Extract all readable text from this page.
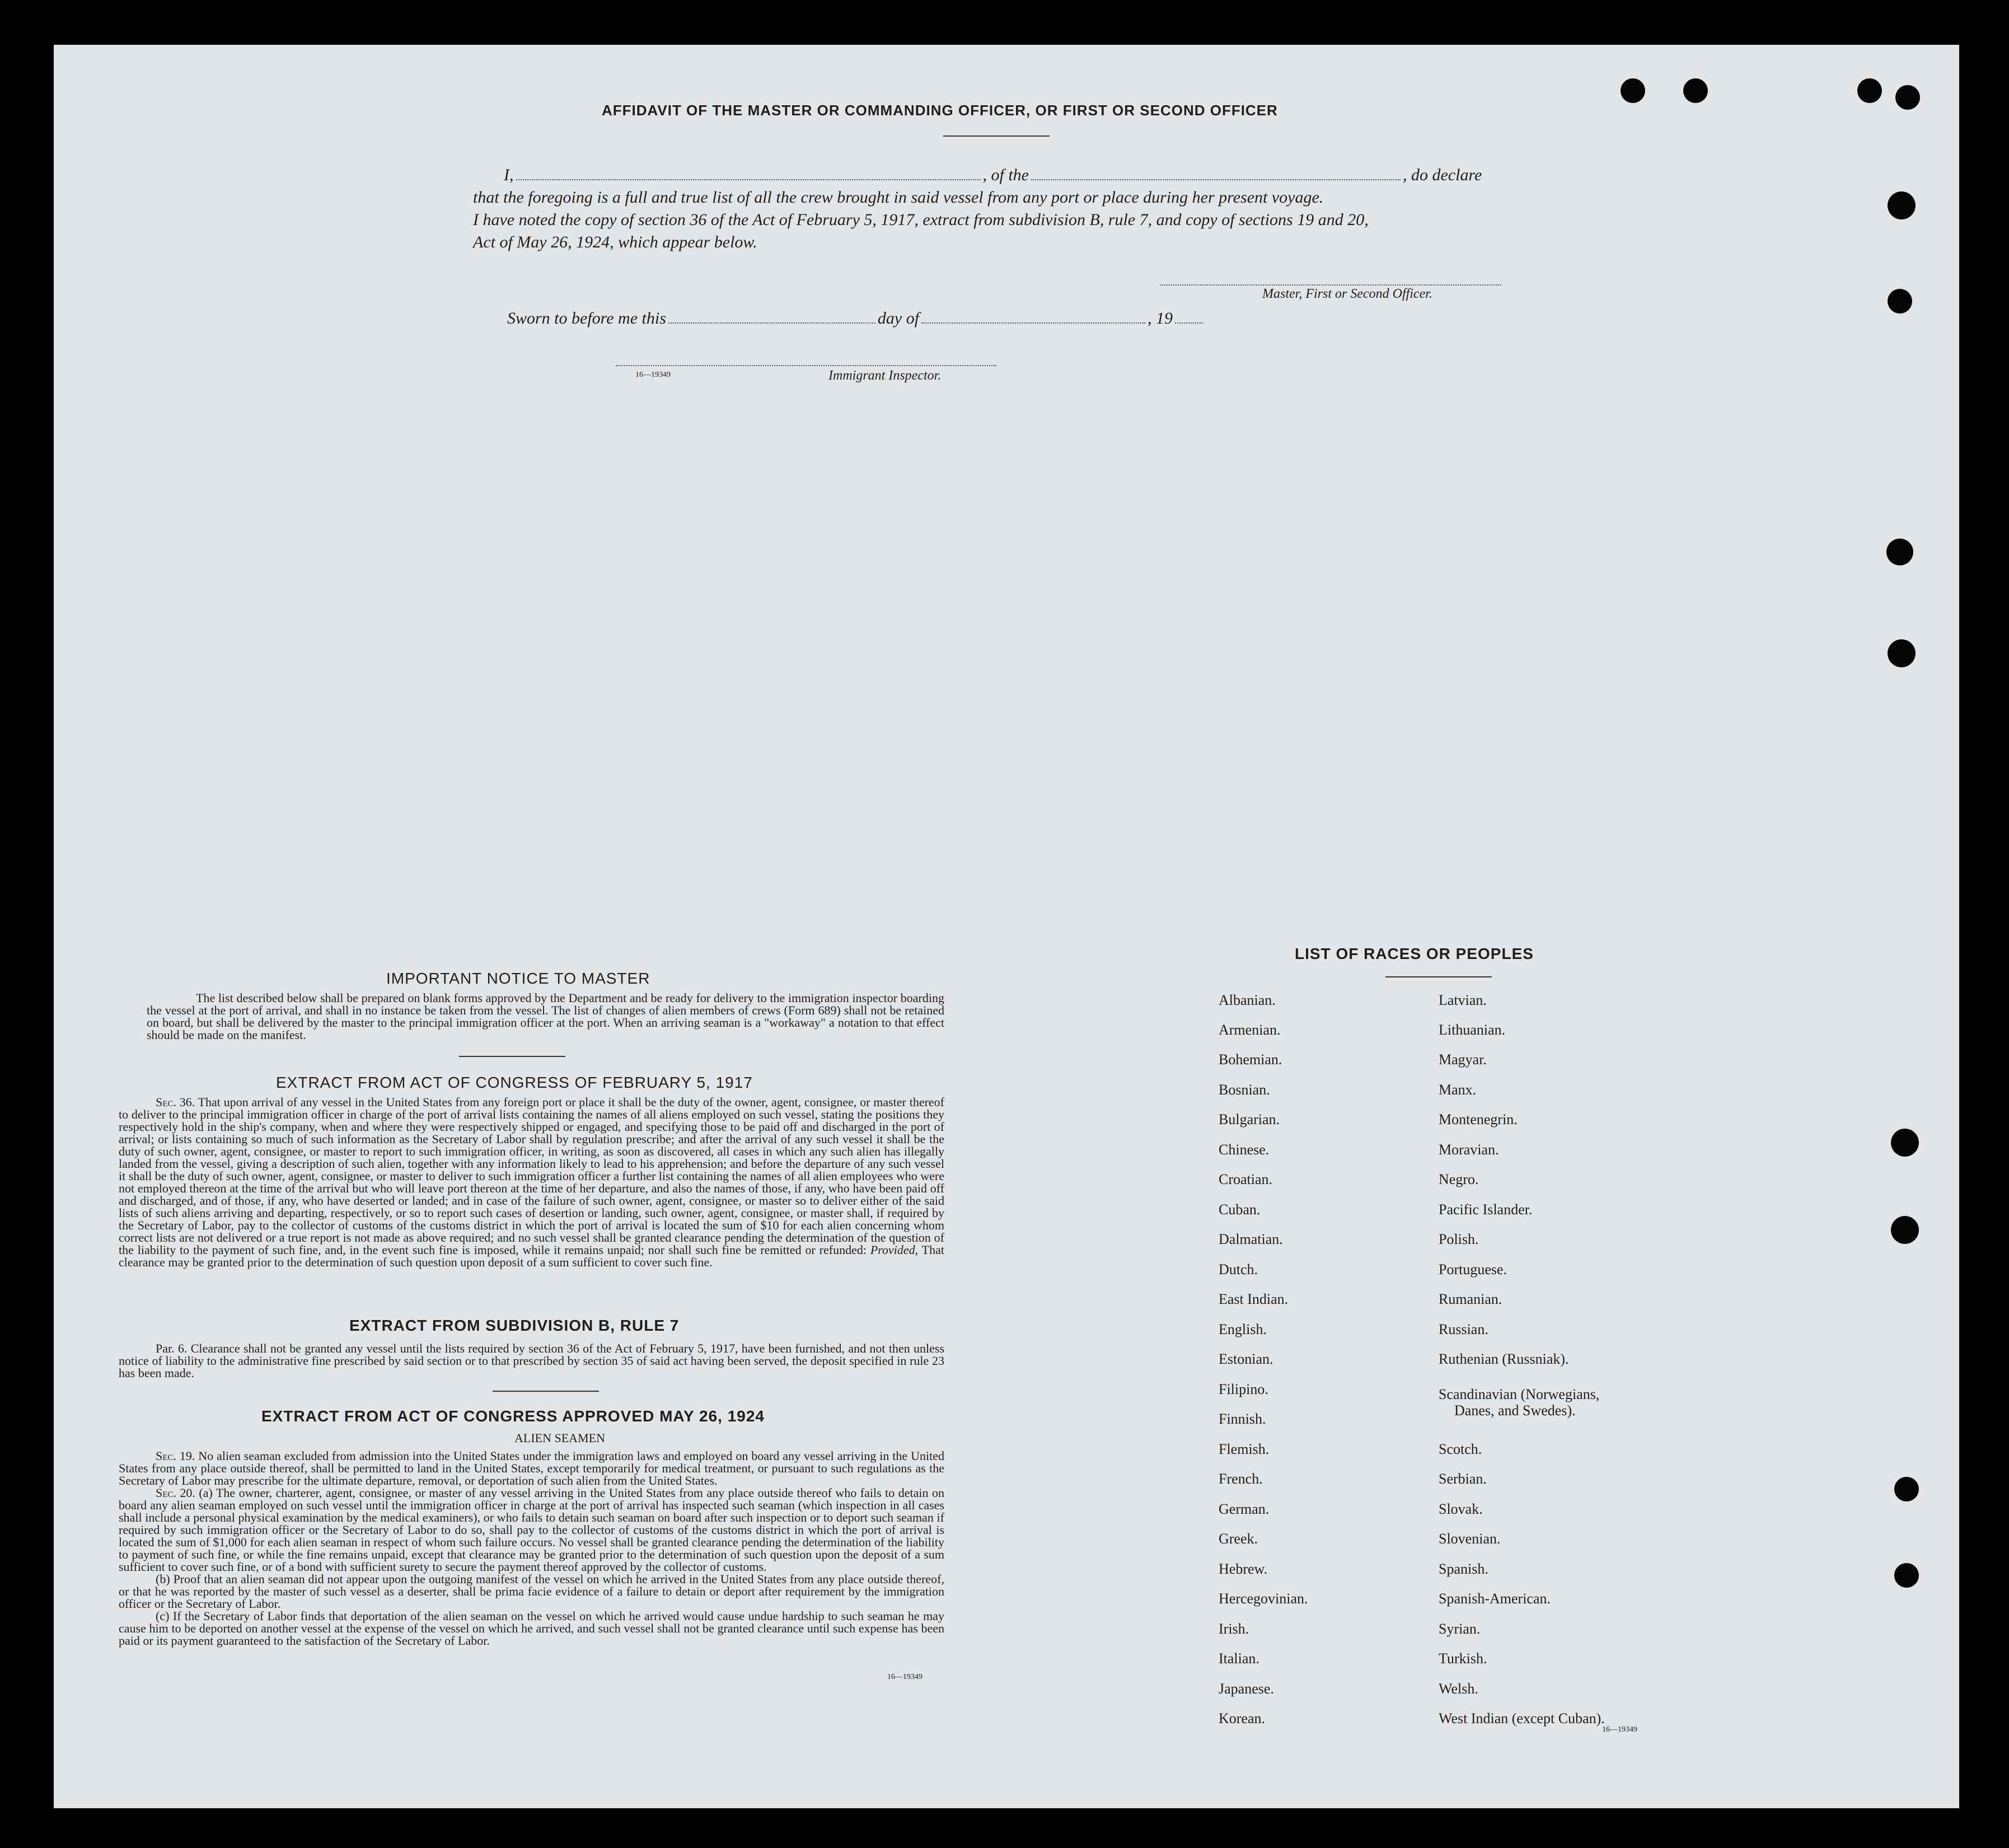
AFFIDAVIT OF THE MASTER OR COMMANDING OFFICER, OR FIRST OR SECOND OFFICER
I,	, of the	, do declare
that the foregoing is a full and true list of all the crew brought in said vessel from any port or place during her present voyage.
I have noted the copy of section 36 of the Act of February 5, 1917, extract from subdivision B, rule 7, and copy of sections 19 and 20,
Act of May 26, 1924, which appear below.
Master, First or Second Officer.
Sworn to before me this	day of	, 19
16—19349	Immigrant Inspector.
IMPORTANT NOTICE TO MASTER
The list described below shall be prepared on blank forms approved by the Department and be ready for delivery to the immigration inspector boarding the vessel at the port of arrival, and shall in no instance be taken from the vessel. The list of changes of alien members of crews (Form 689) shall not be retained on board, but shall be delivered by the master to the principal immigration officer at the port. When an arriving seaman is a "workaway" a notation to that effect should be made on the manifest.
EXTRACT FROM ACT OF CONGRESS OF FEBRUARY 5, 1917
Sec. 36. That upon arrival of any vessel in the United States from any foreign port or place it shall be the duty of the owner, agent, consignee, or master thereof to deliver to the principal immigration officer in charge of the port of arrival lists containing the names of all aliens employed on such vessel, stating the positions they respectively hold in the ship's company, when and where they were respectively shipped or engaged, and specifying those to be paid off and discharged in the port of arrival; or lists containing so much of such information as the Secretary of Labor shall by regulation prescribe; and after the arrival of any such vessel it shall be the duty of such owner, agent, consignee, or master to report to such immigration officer, in writing, as soon as discovered, all cases in which any such alien has illegally landed from the vessel, giving a description of such alien, together with any information likely to lead to his apprehension; and before the departure of any such vessel it shall be the duty of such owner, agent, consignee, or master to deliver to such immigration officer a further list containing the names of all alien employees who were not employed thereon at the time of the arrival but who will leave port thereon at the time of her departure, and also the names of those, if any, who have been paid off and discharged, and of those, if any, who have deserted or landed; and in case of the failure of such owner, agent, consignee, or master so to deliver either of the said lists of such aliens arriving and departing, respectively, or so to report such cases of desertion or landing, such owner, agent, consignee, or master shall, if required by the Secretary of Labor, pay to the collector of customs of the customs district in which the port of arrival is located the sum of $10 for each alien concerning whom correct lists are not delivered or a true report is not made as above required; and no such vessel shall be granted clearance pending the determination of the question of the liability to the payment of such fine, and, in the event such fine is imposed, while it remains unpaid; nor shall such fine be remitted or refunded: Provided, That clearance may be granted prior to the determination of such question upon deposit of a sum sufficient to cover such fine.
EXTRACT FROM SUBDIVISION B, RULE 7
Par. 6. Clearance shall not be granted any vessel until the lists required by section 36 of the Act of February 5, 1917, have been furnished, and not then unless notice of liability to the administrative fine prescribed by said section or to that prescribed by section 35 of said act having been served, the deposit specified in rule 23 has been made.
EXTRACT FROM ACT OF CONGRESS APPROVED MAY 26, 1924
ALIEN SEAMEN

Sec. 19. No alien seaman excluded from admission into the United States under the immigration laws and employed on board any vessel arriving in the United States from any place outside thereof, shall be permitted to land in the United States, except temporarily for medical treatment, or pursuant to such regulations as the Secretary of Labor may prescribe for the ultimate departure, removal, or deportation of such alien from the United States.

Sec. 20. (a) The owner, charterer, agent, consignee, or master of any vessel arriving in the United States from any place outside thereof who fails to detain on board any alien seaman employed on such vessel until the immigration officer in charge at the port of arrival has inspected such seaman (which inspection in all cases shall include a personal physical examination by the medical examiners), or who fails to detain such seaman on board after such inspection or to deport such seaman if required by such immigration officer or the Secretary of Labor to do so, shall pay to the collector of customs of the customs district in which the port of arrival is located the sum of $1,000 for each alien seaman in respect of whom such failure occurs. No vessel shall be granted clearance pending the determination of the liability to payment of such fine, or while the fine remains unpaid, except that clearance may be granted prior to the determination of such question upon the deposit of a sum sufficient to cover such fine, or of a bond with sufficient surety to secure the payment thereof approved by the collector of customs.

(b) Proof that an alien seaman did not appear upon the outgoing manifest of the vessel on which he arrived in the United States from any place outside thereof, or that he was reported by the master of such vessel as a deserter, shall be prima facie evidence of a failure to detain or deport after requirement by the immigration officer or the Secretary of Labor.

(c) If the Secretary of Labor finds that deportation of the alien seaman on the vessel on which he arrived would cause undue hardship to such seaman he may cause him to be deported on another vessel at the expense of the vessel on which he arrived, and such vessel shall not be granted clearance until such expense has been paid or its payment guaranteed to the satisfaction of the Secretary of Labor.

16—19349
LIST OF RACES OR PEOPLES
Albanian.
Armenian.
Bohemian.
Bosnian.
Bulgarian.
Chinese.
Croatian.
Cuban.
Dalmatian.
Dutch.
East Indian.
English.
Estonian.
Filipino.
Finnish.
Flemish.
French.
German.
Greek.
Hebrew.
Hercegovinian.
Irish.
Italian.
Japanese.
Korean.
Latvian.
Lithuanian.
Magyar.
Manx.
Montenegrin.
Moravian.
Negro.
Pacific Islander.
Polish.
Portuguese.
Rumanian.
Russian.
Ruthenian (Russniak).
Scandinavian (Norwegians,
Danes, and Swedes).
Scotch.
Serbian.
Slovak.
Slovenian.
Spanish.
Spanish-American.
Syrian.
Turkish.
Welsh.
West Indian (except Cuban).
16—19349
